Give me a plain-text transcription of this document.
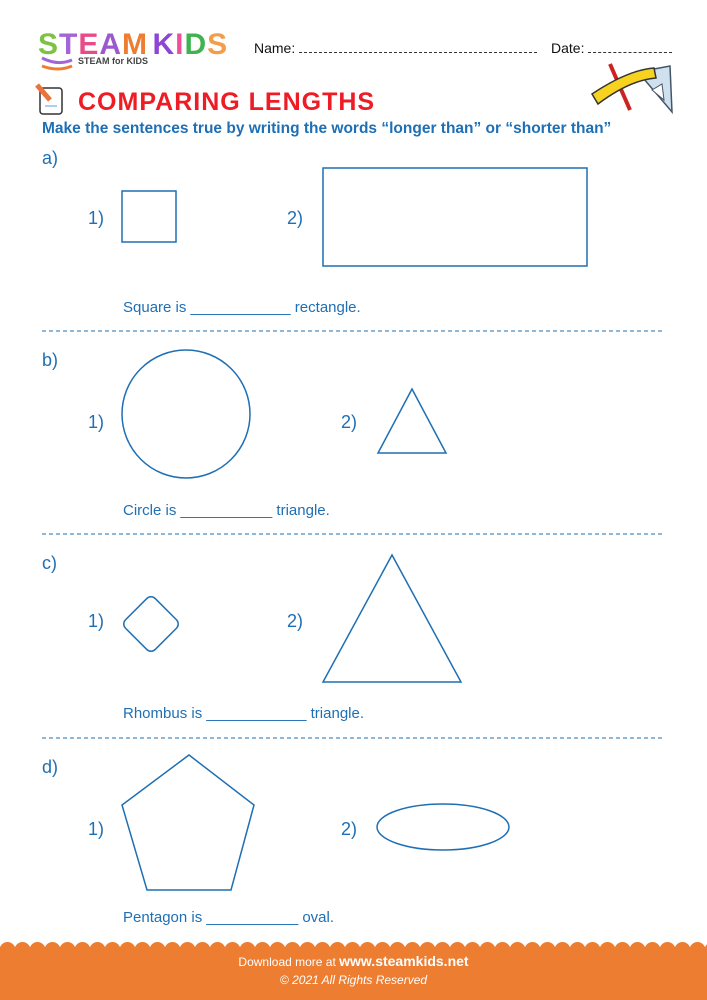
STEAM KIDS
STEAM for KIDS
Name:	Date:
COMPARING LENGTHS
Make the sentences true by writing the words “longer than” or “shorter than”
a)
1)	2)
Square is ____________ rectangle.
b)
1)	2)
Circle is ___________ triangle.
c)
1)	2)
Rhombus is ____________ triangle.
d)
1)	2)
Pentagon is ___________ oval.
Download more at www.steamkids.net
© 2021 All Rights Reserved
